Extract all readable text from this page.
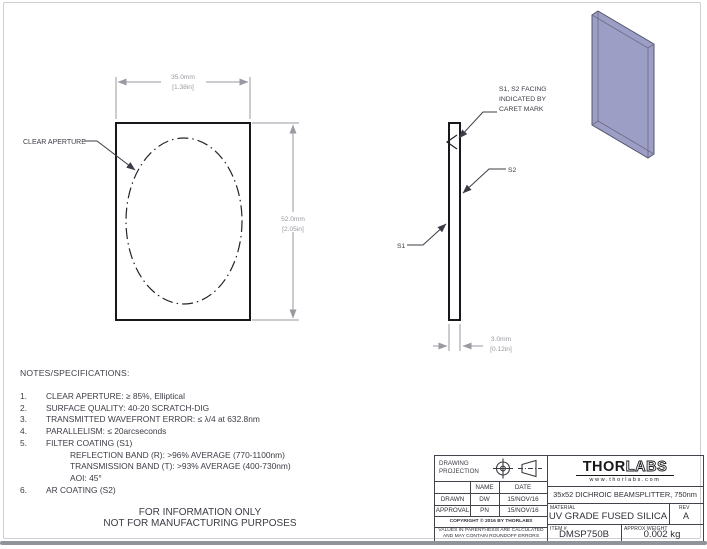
CLEAR APERTURE
35.0mm
[1.38in]
52.0mm
[2.05in]
S1, S2 FACING
INDICATED BY
CARET MARK
S2
S1
3.0mm
[0.12in]
NOTES/SPECIFICATIONS:
1.	CLEAR APERTURE: ≥ 85%, Elliptical
2.	SURFACE QUALITY: 40-20 SCRATCH-DIG
3.	TRANSMITTED WAVEFRONT ERROR: ≤ λ/4 at 632.8nm
4.	PARALLELISM: ≤ 20arcseconds
5.	FILTER COATING (S1)
REFLECTION BAND (R): >96% AVERAGE (770-1100nm)
TRANSMISSION BAND (T): >93% AVERAGE (400-730nm)
AOI: 45°
6.	AR COATING (S2)
FOR INFORMATION ONLY
NOT FOR MANUFACTURING PURPOSES
DRAWING
PROJECTION
NAME	DATE
DRAWN	DW	15/NOV/16
APPROVAL	PN	15/NOV/16
COPYRIGHT © 2016 BY THORLABS
VALUES IN PARENTHESIS ARE CALCULATED
AND MAY CONTAIN ROUNDOFF ERRORS
THORLABS
www.thorlabs.com
35x52 DICHROIC BEAMSPLITTER, 750nm
MATERIAL
UV GRADE FUSED SILICA
REV
A
ITEM #
DMSP750B	APPROX WEIGHT
0.002 kg
